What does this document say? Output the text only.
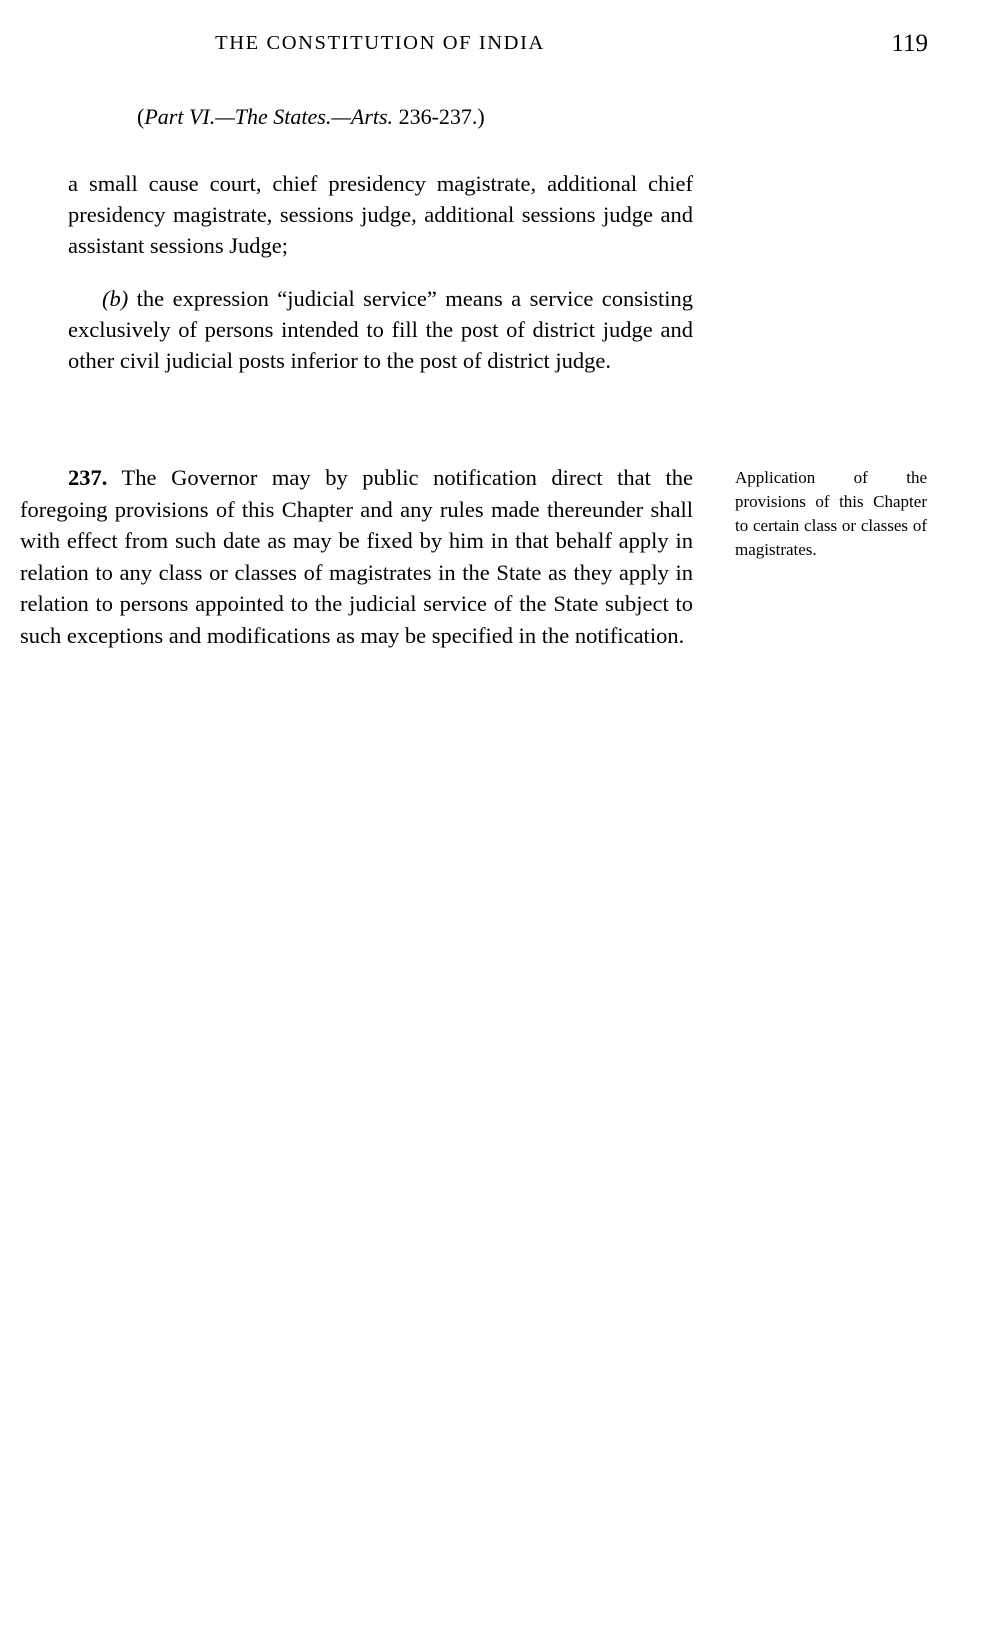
THE CONSTITUTION OF INDIA	119
(Part VI.—The States.—Arts. 236-237.)

a small cause court, chief presidency magistrate, additional chief presidency magistrate, sessions judge, additional sessions judge and assistant sessions Judge;

(b) the expression “judicial service” means a service consisting exclusively of persons intended to fill the post of district judge and other civil judicial posts inferior to the post of district judge.

237. The Governor may by public notification direct that the foregoing provisions of this Chapter and any rules made thereunder shall with effect from such date as may be fixed by him in that behalf apply in relation to any class or classes of magistrates in the State as they apply in relation to persons appointed to the judicial service of the State subject to such exceptions and modifications as may be specified in the notification.

Application of the provisions of this Chapter to certain class or classes of magistrates.
